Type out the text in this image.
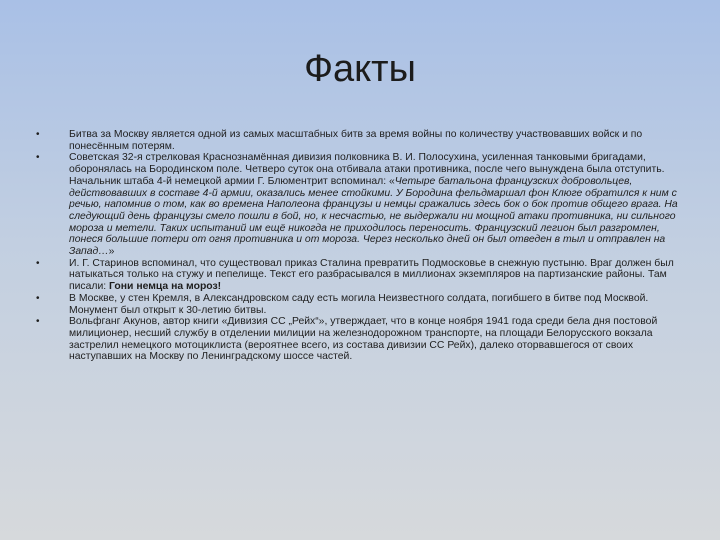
Факты
• Битва за Москву является одной из самых масштабных битв за время войны по количеству участвовавших войск и по понесённым потерям.
• Советская 32-я стрелковая Краснознамённая дивизия полковника В. И. Полосухина, усиленная танковыми бригадами, оборонялась на Бородинском поле. Четверо суток она отбивала атаки противника, после чего вынуждена была отступить. Начальник штаба 4-й немецкой армии Г. Блюментрит вспоминал: «Четыре батальона французских добровольцев, действовавших в составе 4-й армии, оказались менее стойкими. У Бородина фельдмаршал фон Клюге обратился к ним с речью, напомнив о том, как во времена Наполеона французы и немцы сражались здесь бок о бок против общего врага. На следующий день французы смело пошли в бой, но, к несчастью, не выдержали ни мощной атаки противника, ни сильного мороза и метели. Таких испытаний им ещё никогда не приходилось переносить. Французский легион был разгромлен, понеся большие потери от огня противника и от мороза. Через несколько дней он был отведен в тыл и отправлен на Запад…»
• И. Г. Старинов вспоминал, что существовал приказ Сталина превратить Подмосковье в снежную пустыню. Враг должен был натыкаться только на стужу и пепелище. Текст его разбрасывался в миллионах экземпляров на партизанские районы. Там писали: Гони немца на мороз!
• В Москве, у стен Кремля, в Александровском саду есть могила Неизвестного солдата, погибшего в битве под Москвой. Монумент был открыт к 30-летию битвы.
• Вольфганг Акунов, автор книги «Дивизия СС „Рейх“», утверждает, что в конце ноября 1941 года среди бела дня постовой милиционер, несший службу в отделении милиции на железнодорожном транспорте, на площади Белорусского вокзала застрелил немецкого мотоциклиста (вероятнее всего, из состава дивизии СС Рейх), далеко оторвавшегося от своих наступавших на Москву по Ленинградскому шоссе частей.
